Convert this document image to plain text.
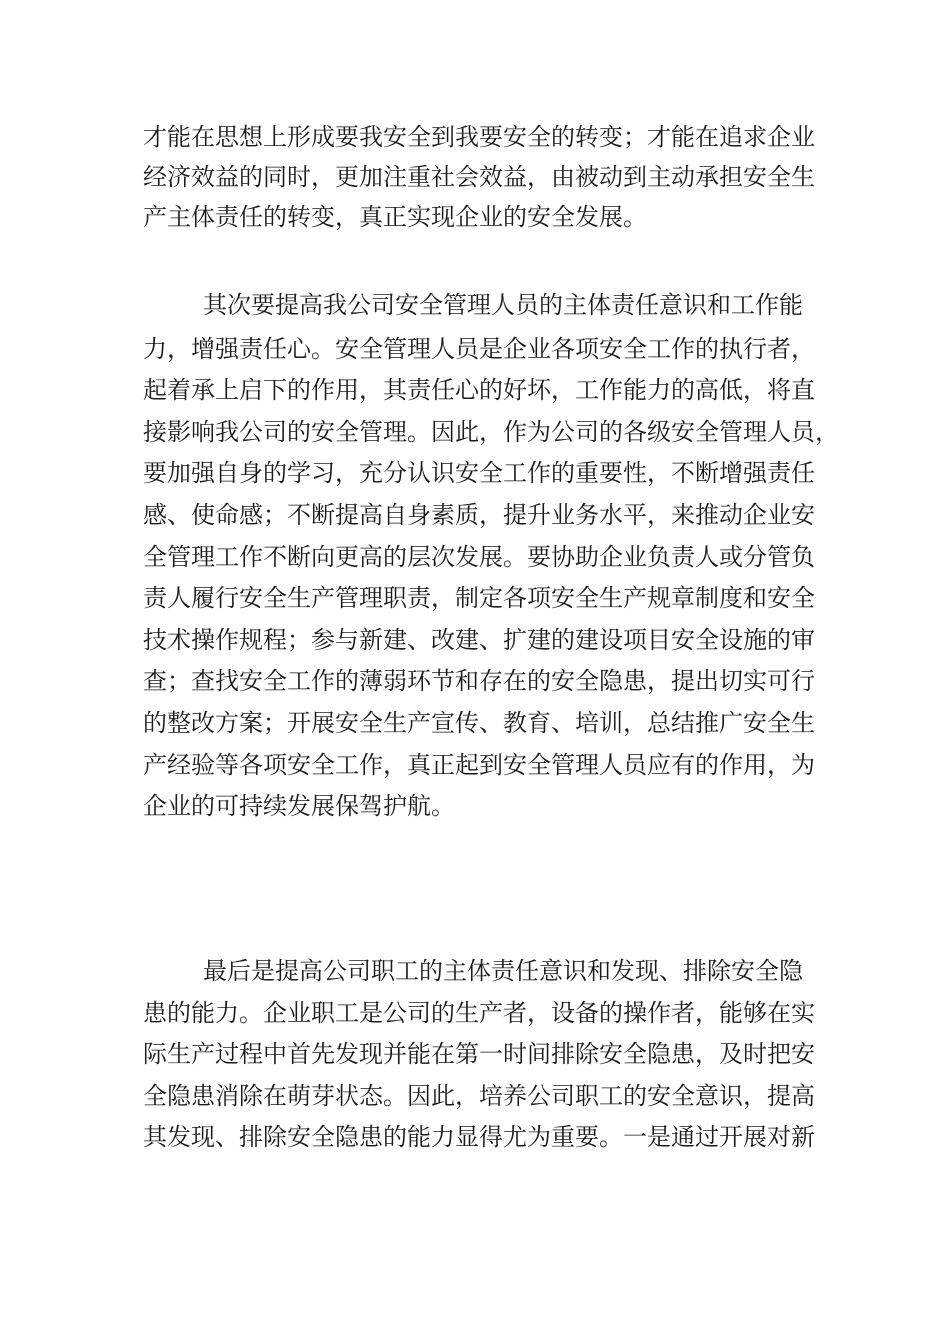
才能在思想上形成要我安全到我要安全的转变；才能在追求企业
经济效益的同时，更加注重社会效益，由被动到主动承担安全生
产主体责任的转变，真正实现企业的安全发展。

其次要提高我公司安全管理人员的主体责任意识和工作能
力，增强责任心。安全管理人员是企业各项安全工作的执行者，
起着承上启下的作用，其责任心的好坏，工作能力的高低，将直
接影响我公司的安全管理。因此，作为公司的各级安全管理人员，
要加强自身的学习，充分认识安全工作的重要性，不断增强责任
感、使命感；不断提高自身素质，提升业务水平，来推动企业安
全管理工作不断向更高的层次发展。要协助企业负责人或分管负
责人履行安全生产管理职责，制定各项安全生产规章制度和安全
技术操作规程；参与新建、改建、扩建的建设项目安全设施的审
查；查找安全工作的薄弱环节和存在的安全隐患，提出切实可行
的整改方案；开展安全生产宣传、教育、培训，总结推广安全生
产经验等各项安全工作，真正起到安全管理人员应有的作用，为
企业的可持续发展保驾护航。

最后是提高公司职工的主体责任意识和发现、排除安全隐
患的能力。企业职工是公司的生产者，设备的操作者，能够在实
际生产过程中首先发现并能在第一时间排除安全隐患，及时把安
全隐患消除在萌芽状态。因此，培养公司职工的安全意识，提高
其发现、排除安全隐患的能力显得尤为重要。一是通过开展对新
